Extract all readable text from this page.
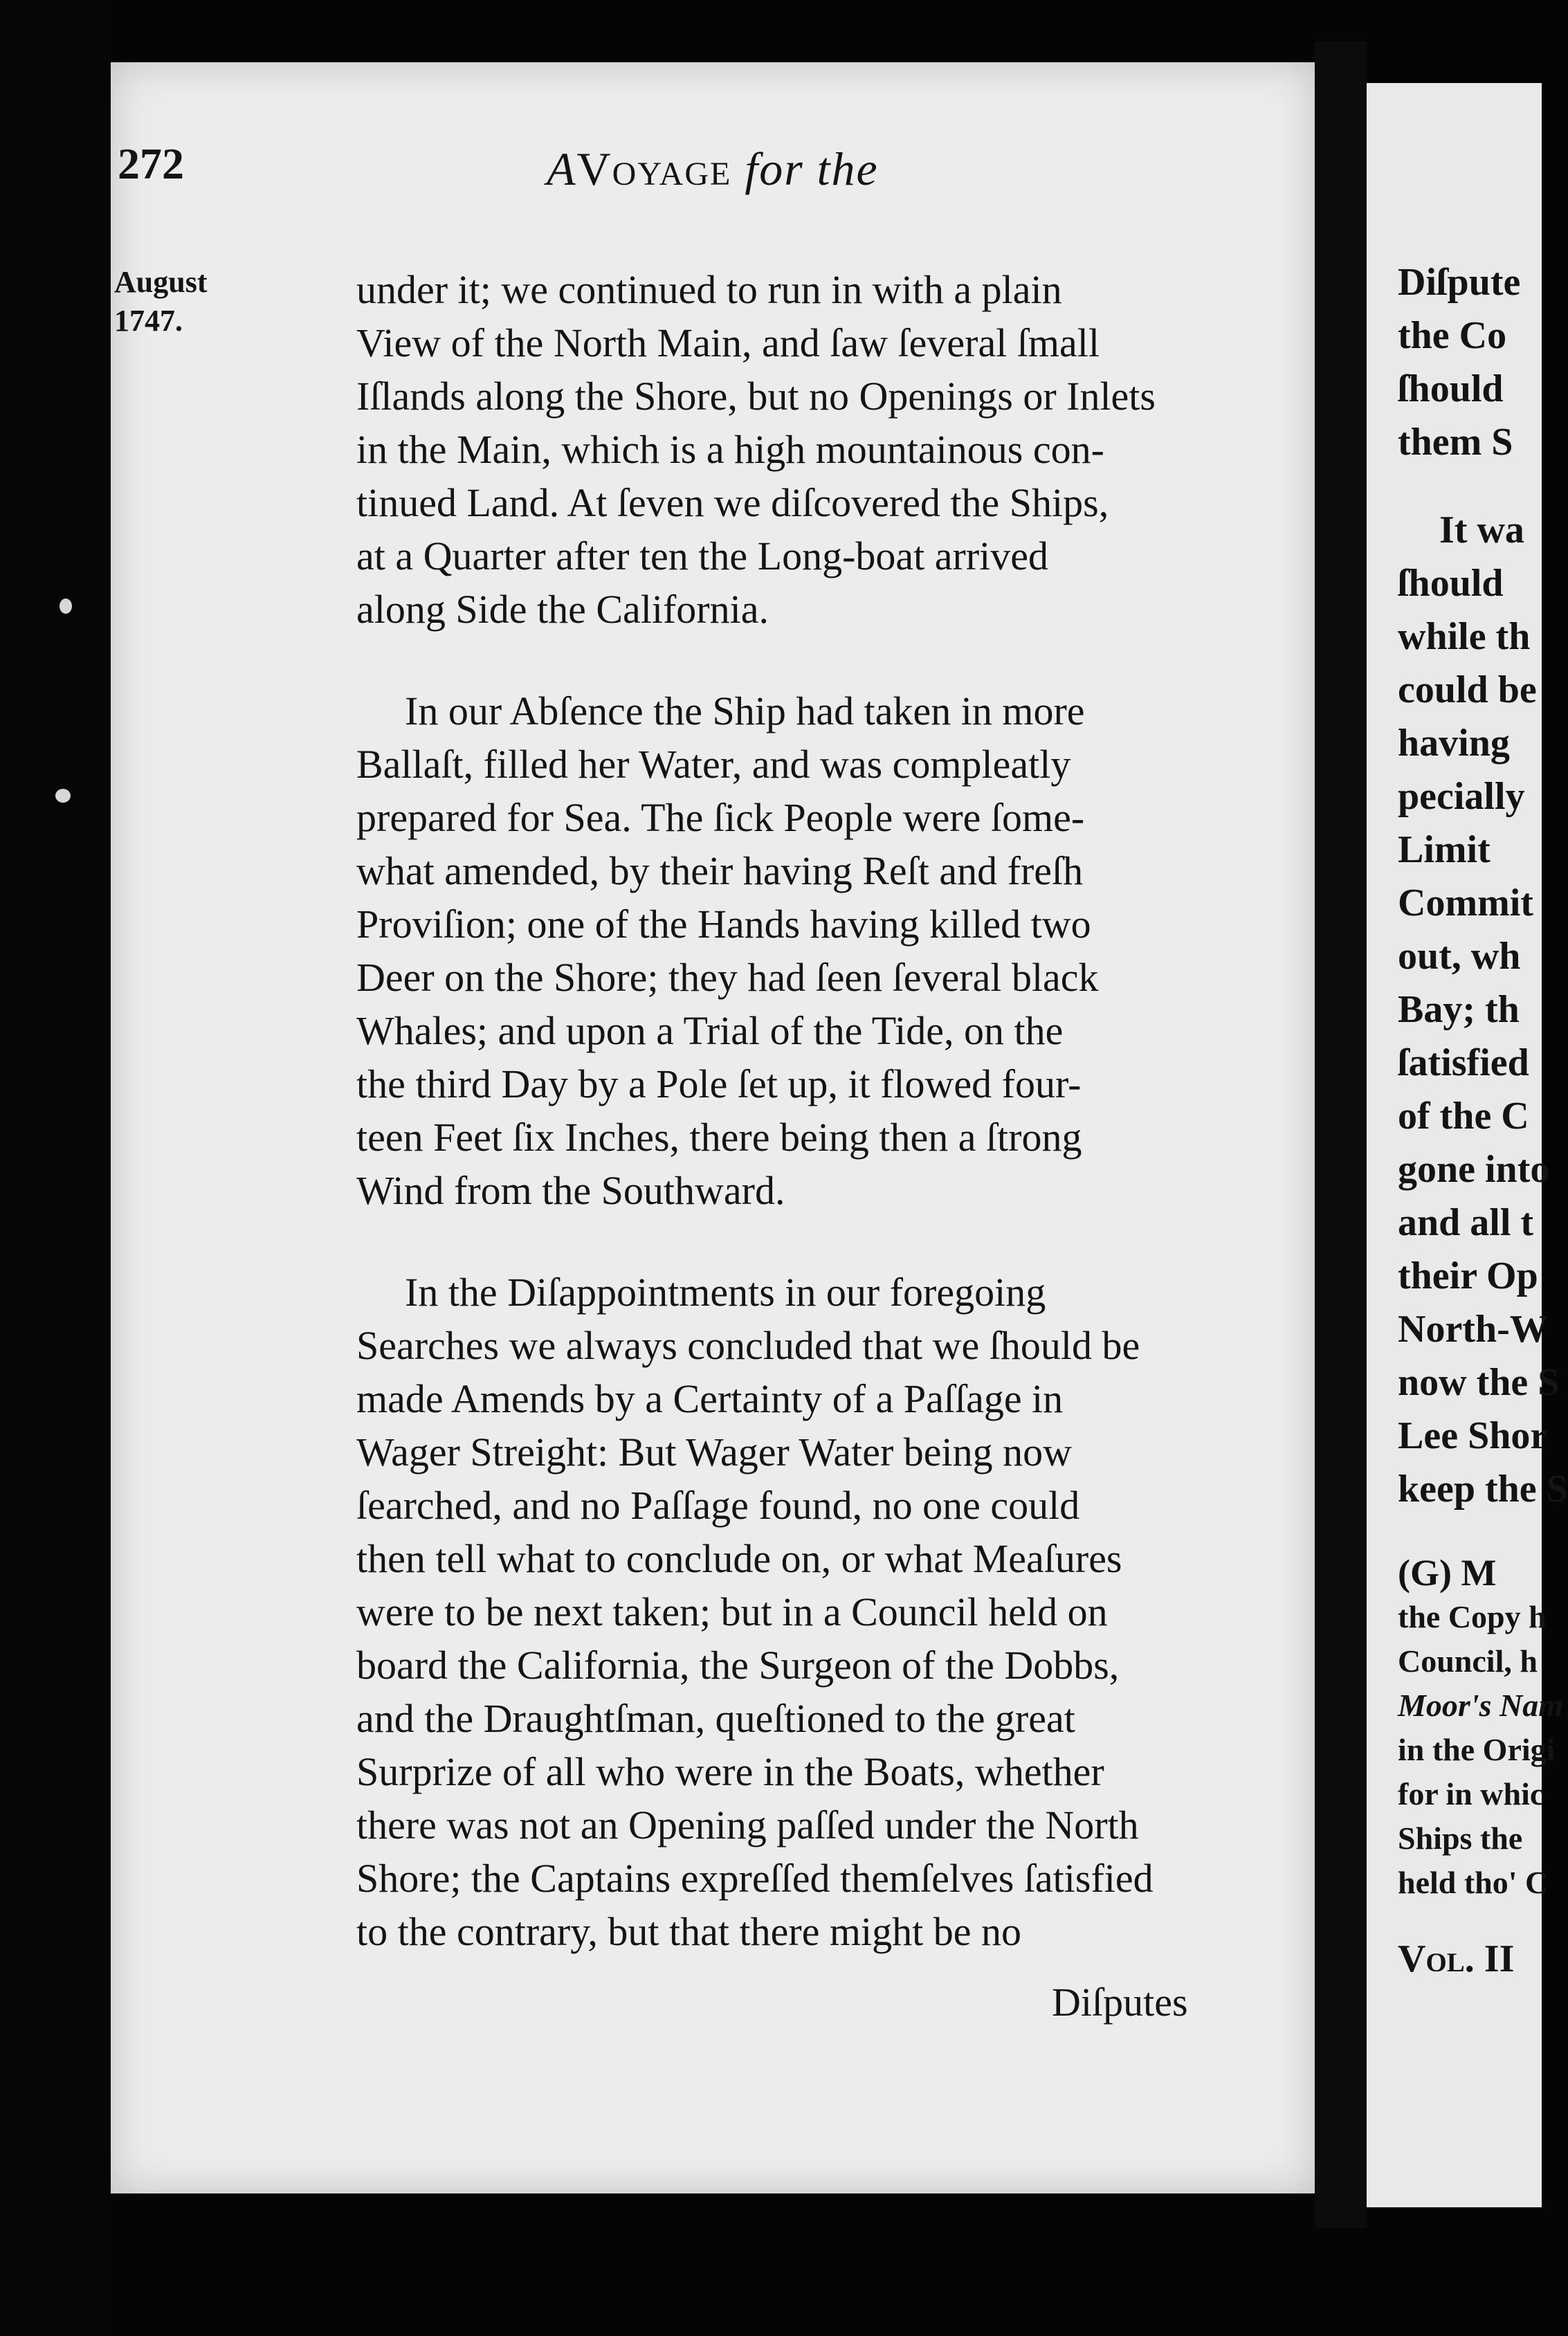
272	AVoyage for the
August
1747.

under it; we continued to run in with a plain

View of the North Main, and ſaw ſeveral ſmall

Iſlands along the Shore, but no Openings or Inlets

in the Main, which is a high mountainous con-

tinued Land. At ſeven we diſcovered the Ships,

at a Quarter after ten the Long-boat arrived

along Side the California.

In our Abſence the Ship had taken in more

Ballaſt, filled her Water, and was compleatly

prepared for Sea. The ſick People were ſome-

what amended, by their having Reſt and freſh

Proviſion; one of the Hands having killed two

Deer on the Shore; they had ſeen ſeveral black

Whales; and upon a Trial of the Tide, on the

the third Day by a Pole ſet up, it flowed four-

teen Feet ſix Inches, there being then a ſtrong

Wind from the Southward.

In the Diſappointments in our foregoing

Searches we always concluded that we ſhould be

made Amends by a Certainty of a Paſſage in

Wager Streight: But Wager Water being now

ſearched, and no Paſſage found, no one could

then tell what to conclude on, or what Meaſures

were to be next taken; but in a Council held on

board the California, the Surgeon of the Dobbs,

and the Draughtſman, queſtioned to the great

Surprize of all who were in the Boats, whether

there was not an Opening paſſed under the North

Shore; the Captains expreſſed themſelves ſatisfied

to the contrary, but that there might be no

Diſputes
Diſpute
the Co
ſhould
them S
It wa
ſhould
while th
could be
having
pecially
Limit
Commit
out, wh
Bay; th
ſatisfied
of the C
gone into
and all t
their Op
North-W
now the S
Lee Shor
keep the S
(G) M
the Copy h
Council, h
Moor's Nam
in the Origi
for in whic
Ships the
held tho' C
Vol. II
